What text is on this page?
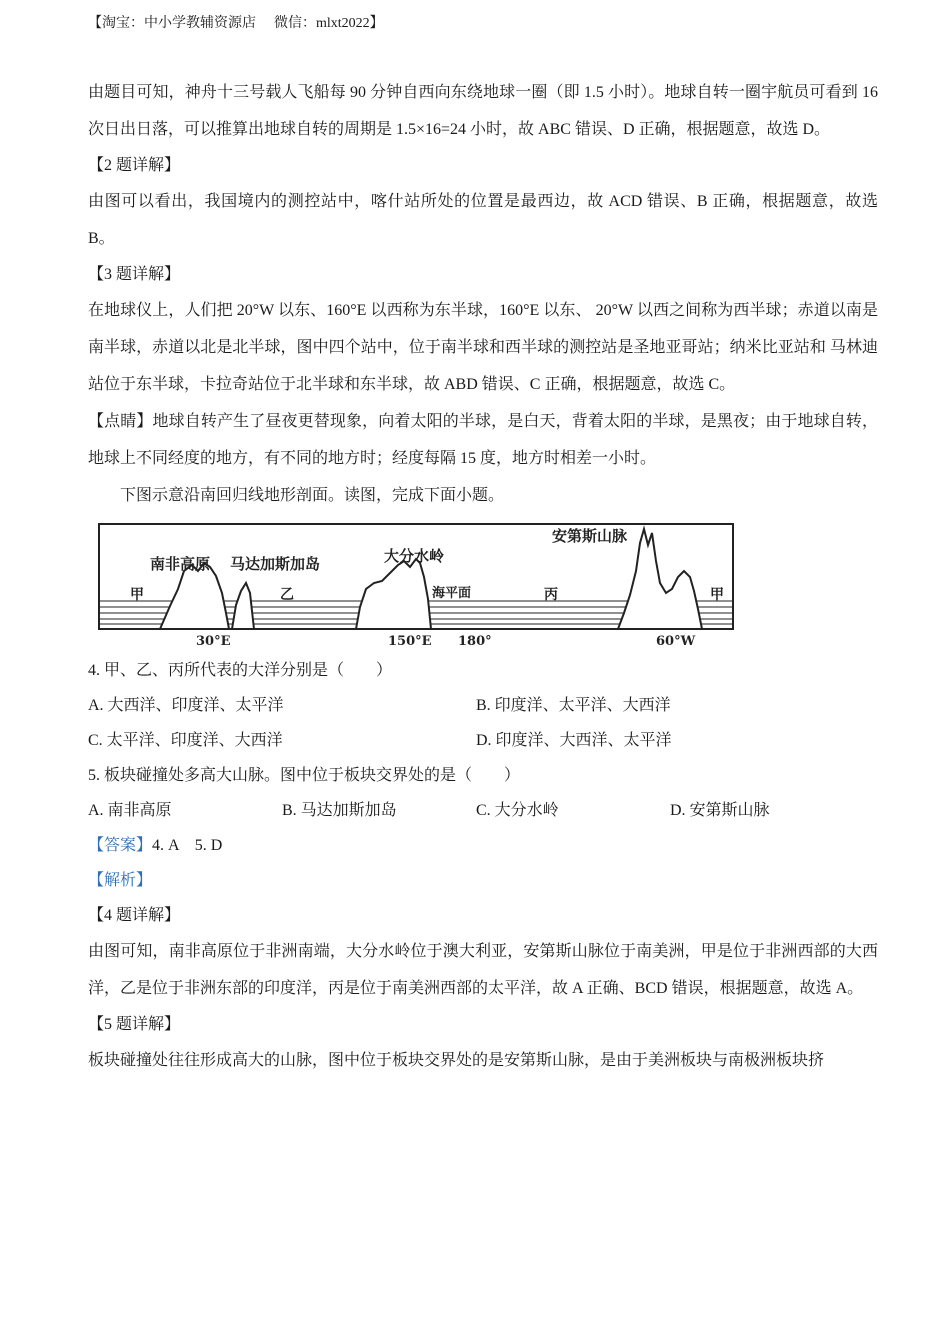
【淘宝：中小学教辅资源店 微信：mlxt2022】

由题目可知，神舟十三号载人飞船每 90 分钟自西向东绕地球一圈（即 1.5 小时）。地球自转一圈宇航员可看到 16 次日出日落，可以推算出地球自转的周期是 1.5×16=24 小时，故 ABC 错误、D 正确，根据题意，故选 D。

【2 题详解】

由图可以看出，我国境内的测控站中，喀什站所处的位置是最西边，故 ACD 错误、B 正确，根据题意，故选 B。

【3 题详解】

在地球仪上，人们把 20°W 以东、160°E 以西称为东半球，160°E 以东、 20°W 以西之间称为西半球；赤道以南是南半球，赤道以北是北半球，图中四个站中，位于南半球和西半球的测控站是圣地亚哥站；纳米比亚站和 马林迪站位于东半球，卡拉奇站位于北半球和东半球，故 ABD 错误、C 正确，根据题意，故选 C。

【点睛】地球自转产生了昼夜更替现象，向着太阳的半球，是白天，背着太阳的半球，是黑夜；由于地球自转，地球上不同经度的地方，有不同的地方时；经度每隔 15 度，地方时相差一小时。

下图示意沿南回归线地形剖面。读图，完成下面小题。

南非高原 马达加斯加岛	大分水岭
安第斯山脉
海平面
甲	乙	丙	甲
30°E	150°E 180°	60°W

4. 甲、乙、丙所代表的大洋分别是（　　）

A. 大西洋、印度洋、太平洋	B. 印度洋、太平洋、大西洋
C. 太平洋、印度洋、大西洋	D. 印度洋、大西洋、太平洋

5. 板块碰撞处多高大山脉。图中位于板块交界处的是（　　）

A. 南非高原	B. 马达加斯加岛	C. 大分水岭	D. 安第斯山脉

【答案】4. A　5. D

【解析】

【4 题详解】

由图可知，南非高原位于非洲南端，大分水岭位于澳大利亚，安第斯山脉位于南美洲，甲是位于非洲西部的大西洋，乙是位于非洲东部的印度洋，丙是位于南美洲西部的太平洋，故 A 正确、BCD 错误，根据题意，故选 A。

【5 题详解】

板块碰撞处往往形成高大的山脉，图中位于板块交界处的是安第斯山脉，是由于美洲板块与南极洲板块挤
